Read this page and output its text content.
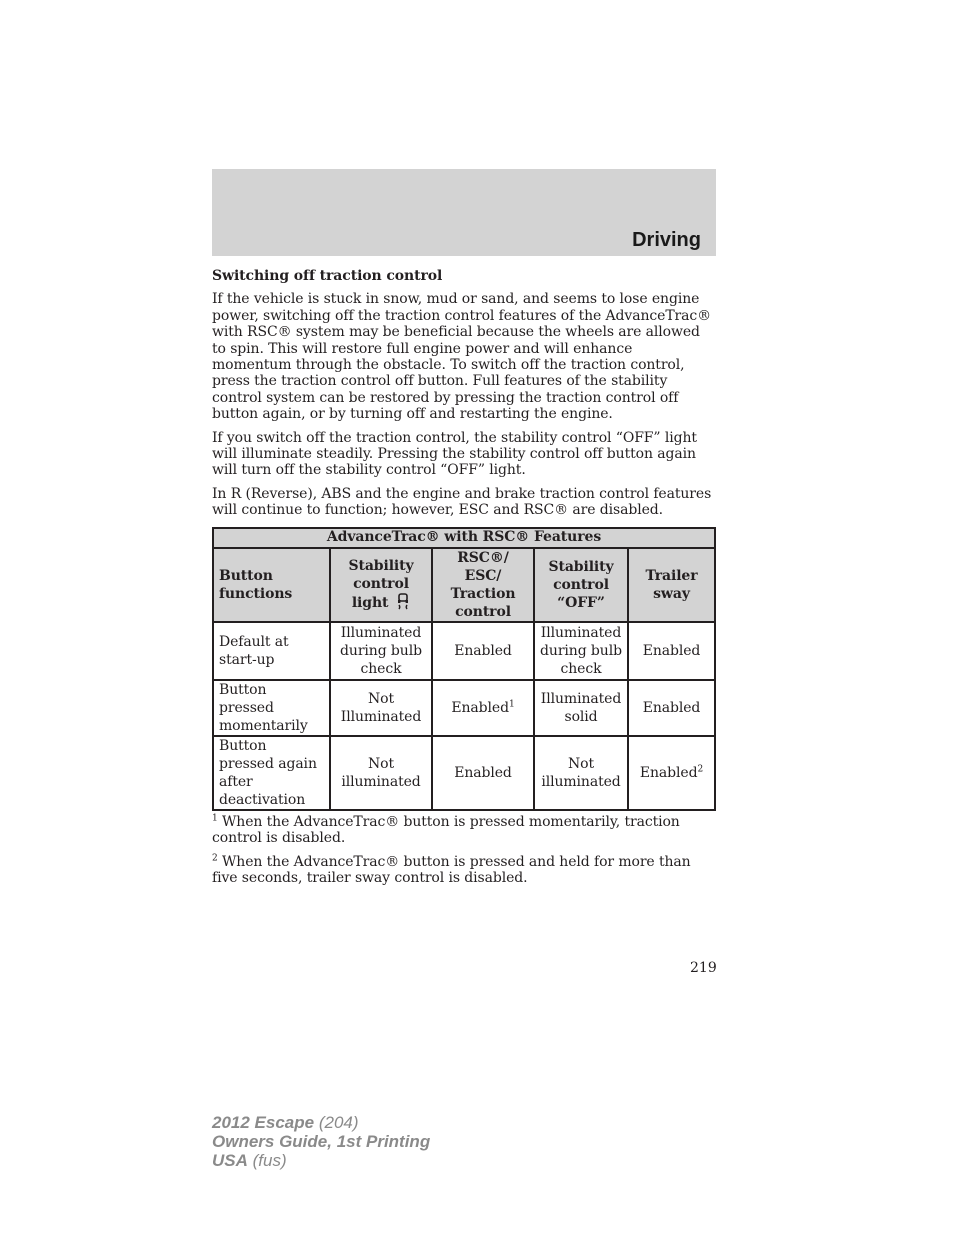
Driving
Switching off traction control

If the vehicle is stuck in snow, mud or sand, and seems to lose engine power, switching off the traction control features of the AdvanceTrac® with RSC® system may be beneficial because the wheels are allowed to spin. This will restore full engine power and will enhance momentum through the obstacle. To switch off the traction control, press the traction control off button. Full features of the stability control system can be restored by pressing the traction control off button again, or by turning off and restarting the engine.

If you switch off the traction control, the stability control “OFF” light will illuminate steadily. Pressing the stability control off button again will turn off the stability control “OFF” light.

In R (Reverse), ABS and the engine and brake traction control features will continue to function; however, ESC and RSC® are disabled.

AdvanceTrac® with RSC® Features				
Button functions	Stability control light	RSC®/ ESC/ Traction control	Stability control “OFF”	Trailer sway
Default at start-up	Illuminated during bulb check	Enabled	Illuminated during bulb check	Enabled
Button pressed momentarily	Not Illuminated	Enabled$^1$	Illuminated solid	Enabled
Button pressed again after deactivation	Not illuminated	Enabled	Not illuminated	Enabled$^2$

$^1$ When the AdvanceTrac® button is pressed momentarily, traction control is disabled.

$^2$ When the AdvanceTrac® button is pressed and held for more than five seconds, trailer sway control is disabled.

219
2012 Escape (204)
Owners Guide, 1st Printing
USA (fus)
